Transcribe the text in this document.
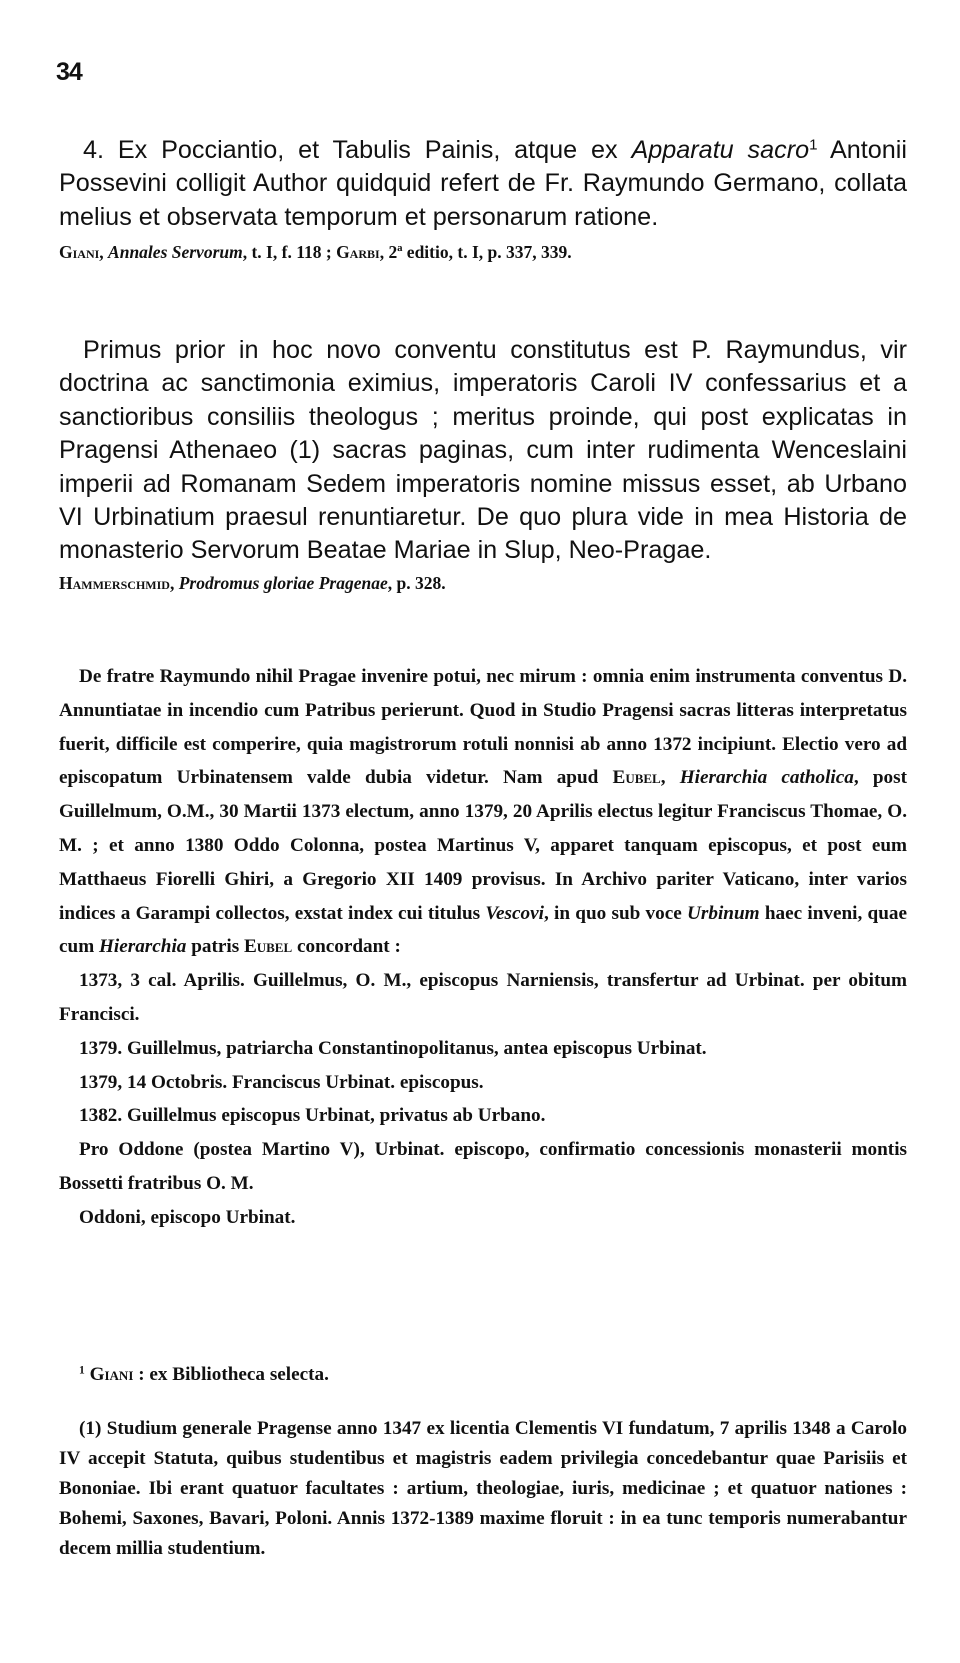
34

4. Ex Pocciantio, et Tabulis Painis, atque ex Apparatu sacro$^1$ Antonii Possevini colligit Author quidquid refert de Fr. Raymundo Germano, collata melius et observata temporum et personarum ratione.

Giani, Annales Servorum, t. I, f. 118 ; Garbi, 2ª editio, t. I, p. 337, 339.

Primus prior in hoc novo conventu constitutus est P. Raymundus, vir doctrina ac sanctimonia eximius, imperatoris Caroli IV confessarius et a sanctioribus consiliis theologus ; meritus proinde, qui post explicatas in Pragensi Athenaeo (1) sacras paginas, cum inter rudimenta Wenceslaini imperii ad Romanam Sedem imperatoris nomine missus esset, ab Urbano VI Urbinatium praesul renuntiaretur. De quo plura vide in mea Historia de monasterio Servorum Beatae Mariae in Slup, Neo-Pragae.

Hammerschmid, Prodromus gloriae Pragenae, p. 328.

De fratre Raymundo nihil Pragae invenire potui, nec mirum : omnia enim instrumenta conventus D. Annuntiatae in incendio cum Patribus perierunt. Quod in Studio Pragensi sacras litteras interpretatus fuerit, difficile est comperire, quia magistrorum rotuli nonnisi ab anno 1372 incipiunt. Electio vero ad episcopatum Urbinatensem valde dubia videtur. Nam apud Eubel, Hierarchia catholica, post Guillelmum, O.M., 30 Martii 1373 electum, anno 1379, 20 Aprilis electus legitur Franciscus Thomae, O. M. ; et anno 1380 Oddo Colonna, postea Martinus V, apparet tanquam episcopus, et post eum Matthaeus Fiorelli Ghiri, a Gregorio XII 1409 provisus. In Archivo pariter Vaticano, inter varios indices a Garampi collectos, exstat index cui titulus Vescovi, in quo sub voce Urbinum haec inveni, quae cum Hierarchia patris Eubel concordant :

1373, 3 cal. Aprilis. Guillelmus, O. M., episcopus Narniensis, transfertur ad Urbinat. per obitum Francisci.

1379. Guillelmus, patriarcha Constantinopolitanus, antea episcopus Urbinat.

1379, 14 Octobris. Franciscus Urbinat. episcopus.

1382. Guillelmus episcopus Urbinat, privatus ab Urbano.

Pro Oddone (postea Martino V), Urbinat. episcopo, confirmatio concessionis monasterii montis Bossetti fratribus O. M.

Oddoni, episcopo Urbinat.

$^1$ Giani : ex Bibliotheca selecta.

(1) Studium generale Pragense anno 1347 ex licentia Clementis VI fundatum, 7 aprilis 1348 a Carolo IV accepit Statuta, quibus studentibus et magistris eadem privilegia concedebantur quae Parisiis et Bononiae. Ibi erant quatuor facultates : artium, theologiae, iuris, medicinae ; et quatuor nationes : Bohemi, Saxones, Bavari, Poloni. Annis 1372-1389 maxime floruit : in ea tunc temporis numerabantur decem millia studentium.
